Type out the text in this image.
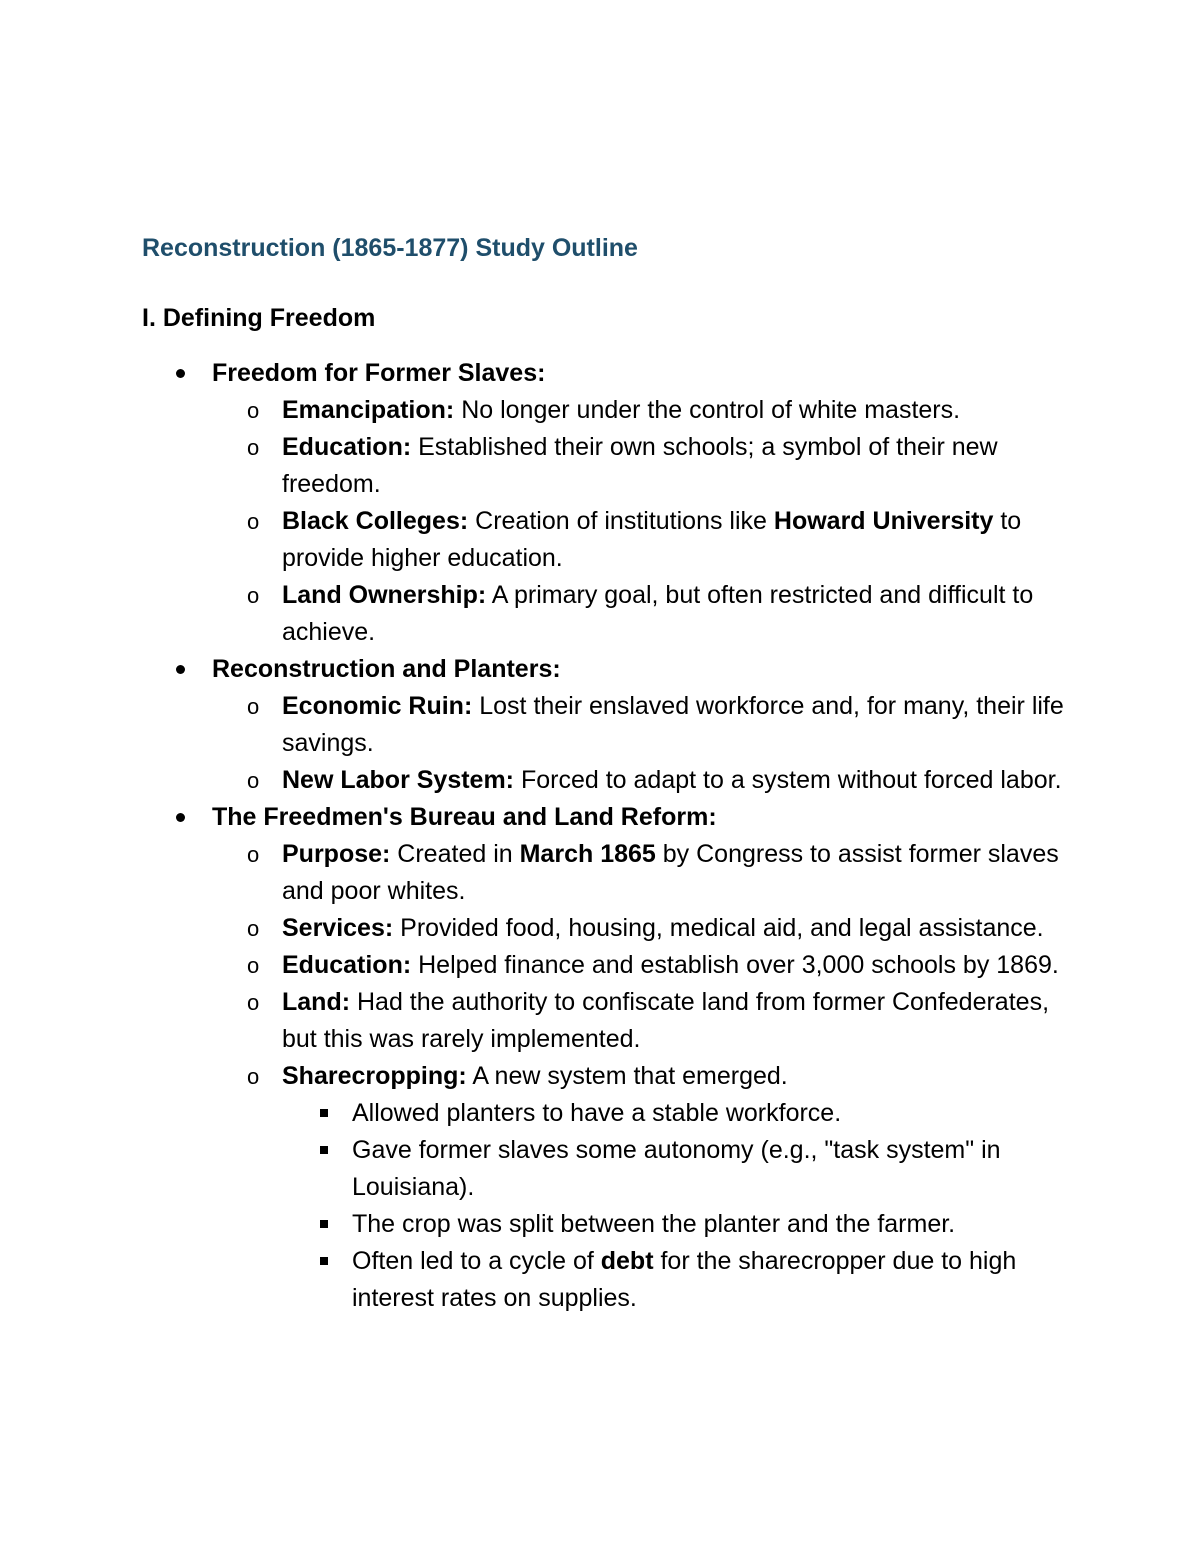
Reconstruction (1865-1877) Study Outline
I. Defining Freedom
Freedom for Former Slaves:
o Emancipation: No longer under the control of white masters.
o Education: Established their own schools; a symbol of their new freedom.
o Black Colleges: Creation of institutions like Howard University to provide higher education.
o Land Ownership: A primary goal, but often restricted and difficult to achieve.
Reconstruction and Planters:
o Economic Ruin: Lost their enslaved workforce and, for many, their life savings.
o New Labor System: Forced to adapt to a system without forced labor.
The Freedmen's Bureau and Land Reform:
o Purpose: Created in March 1865 by Congress to assist former slaves and poor whites.
o Services: Provided food, housing, medical aid, and legal assistance.
o Education: Helped finance and establish over 3,000 schools by 1869.
o Land: Had the authority to confiscate land from former Confederates, but this was rarely implemented.
o Sharecropping: A new system that emerged.
Allowed planters to have a stable workforce.
Gave former slaves some autonomy (e.g., "task system" in Louisiana).
The crop was split between the planter and the farmer.
Often led to a cycle of debt for the sharecropper due to high interest rates on supplies.
